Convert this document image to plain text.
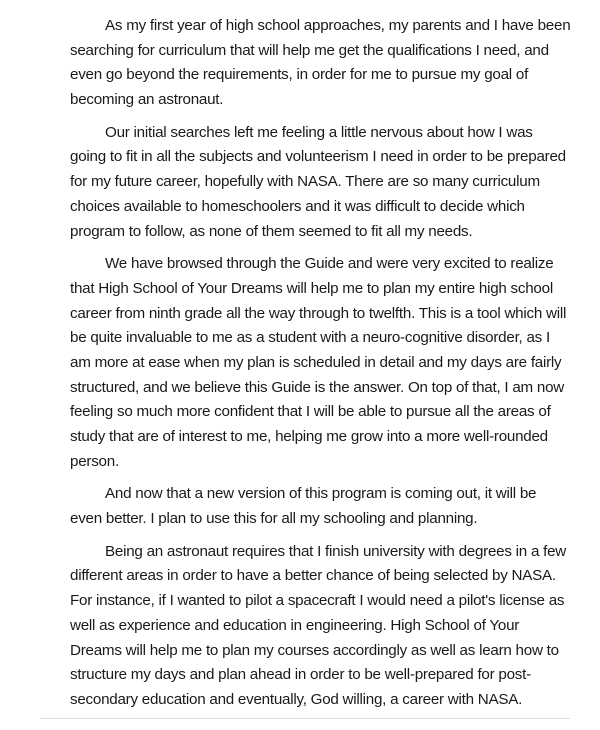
As my first year of high school approaches, my parents and I have been
searching for curriculum that will help me get the qualifications I need, and
even go beyond the requirements, in order for me to pursue my goal of
becoming an astronaut.
Our initial searches left me feeling a little nervous about how I was
going to fit in all the subjects and volunteerism I need in order to be prepared
for my future career, hopefully with NASA. There are so many curriculum
choices available to homeschoolers and it was difficult to decide which
program to follow, as none of them seemed to fit all my needs.
We have browsed through the Guide and were very excited to realize
that High School of Your Dreams will help me to plan my entire high school
career from ninth grade all the way through to twelfth. This is a tool which will
be quite invaluable to me as a student with a neuro-cognitive disorder, as I
am more at ease when my plan is scheduled in detail and my days are fairly
structured, and we believe this Guide is the answer. On top of that, I am now
feeling so much more confident that I will be able to pursue all the areas of
study that are of interest to me, helping me grow into a more well-rounded
person.
And now that a new version of this program is coming out, it will be
even better. I plan to use this for all my schooling and planning.
Being an astronaut requires that I finish university with degrees in a few
different areas in order to have a better chance of being selected by NASA.
For instance, if I wanted to pilot a spacecraft I would need a pilot's license as
well as experience and education in engineering. High School of Your
Dreams will help me to plan my courses accordingly as well as learn how to
structure my days and plan ahead in order to be well-prepared for post-
secondary education and eventually, God willing, a career with NASA.
